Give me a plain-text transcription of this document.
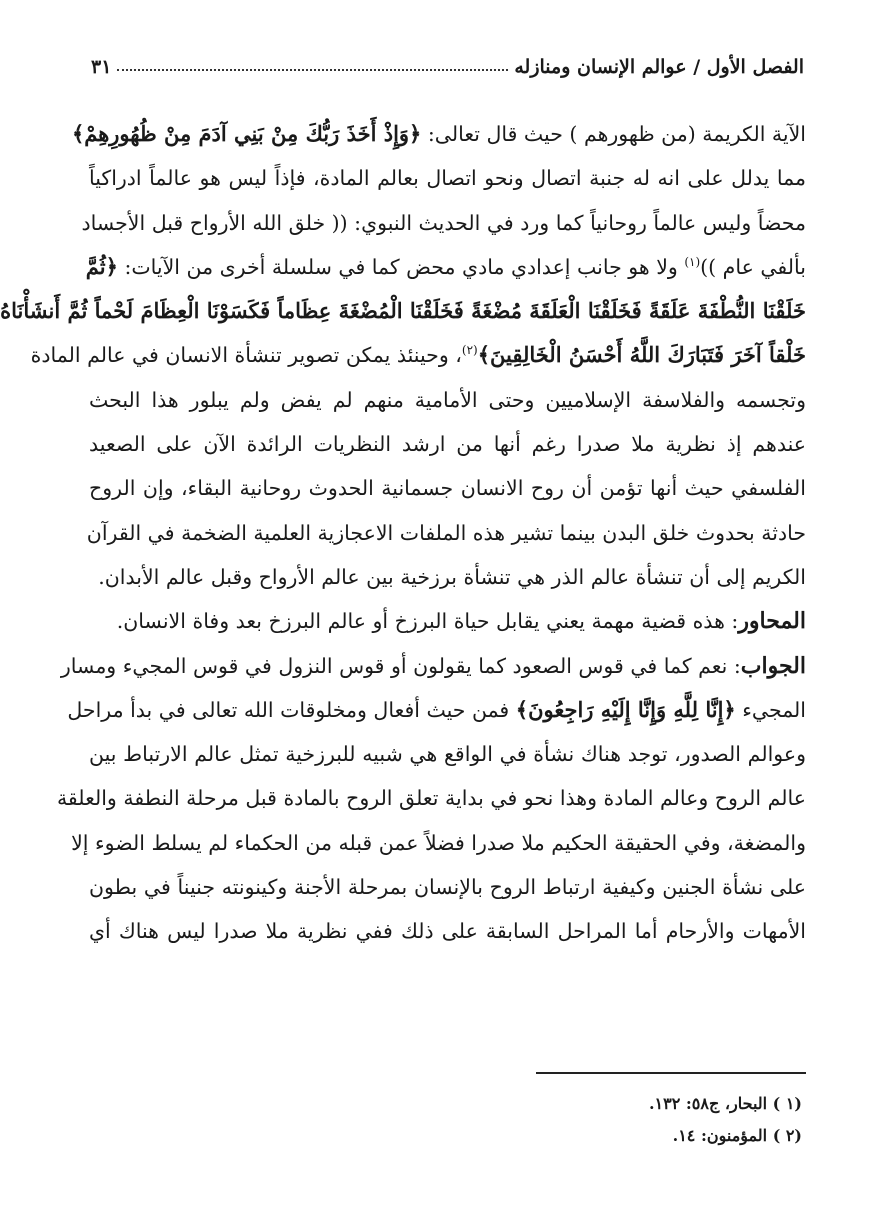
الفصل الأول / عوالم الإنسان ومنازله
٣١
الآية الكريمة (من ظهورهم ) حيث قال تعالى: ﴿وَإِذْ أَخَذَ رَبُّكَ مِنْ بَنِي آدَمَ مِنْ ظُهُورِهِمْ﴾
مما يدلل على انه له جنبة اتصال ونحو اتصال بعالم المادة، فإذاً ليس هو عالماً ادراكياً
محضاً وليس عالماً روحانياً كما ورد في الحديث النبوي: (( خلق الله الأرواح قبل الأجساد
بألفي عام ))$^{(١)}$ ولا هو جانب إعدادي مادي محض كما في سلسلة أخرى من الآيات: ﴿ثُمَّ
خَلَقْنَا النُّطْفَةَ عَلَقَةً فَخَلَقْنَا الْعَلَقَةَ مُضْغَةً فَخَلَقْنَا الْمُضْغَةَ عِظَاماً فَكَسَوْنَا الْعِظَامَ لَحْماً ثُمَّ أَنشَأْنَاهُ
خَلْقاً آخَرَ فَتَبَارَكَ اللَّهُ أَحْسَنُ الْخَالِقِينَ﴾$^{(٢)}$، وحينئذ يمكن تصوير تنشأة الانسان في عالم المادة
وتجسمه والفلاسفة الإسلاميين وحتى الأمامية منهم لم يفض ولم يبلور هذا البحث
عندهم إذ نظرية ملا صدرا رغم أنها من ارشد النظريات الرائدة الآن على الصعيد
الفلسفي حيث أنها تؤمن أن روح الانسان جسمانية الحدوث روحانية البقاء، وإن الروح
حادثة بحدوث خلق البدن بينما تشير هذه الملفات الاعجازية العلمية الضخمة في القرآن
الكريم إلى أن تنشأة عالم الذر هي تنشأة برزخية بين عالم الأرواح وقبل عالم الأبدان.
المحاور: هذه قضية مهمة يعني يقابل حياة البرزخ أو عالم البرزخ بعد وفاة الانسان.
الجواب: نعم كما في قوس الصعود كما يقولون أو قوس النزول في قوس المجيء ومسار
المجيء ﴿إِنَّا لِلَّهِ وَإِنَّا إِلَيْهِ رَاجِعُونَ﴾ فمن حيث أفعال ومخلوقات الله تعالى في بدأ مراحل
وعوالم الصدور، توجد هناك نشأة في الواقع هي شبيه للبرزخية تمثل عالم الارتباط بين
عالم الروح وعالم المادة وهذا نحو في بداية تعلق الروح بالمادة قبل مرحلة النطفة والعلقة
والمضغة، وفي الحقيقة الحكيم ملا صدرا فضلاً عمن قبله من الحكماء لم يسلط الضوء إلا
على نشأة الجنين وكيفية ارتباط الروح بالإنسان بمرحلة الأجنة وكينونته جنيناً في بطون
الأمهات والأرحام أما المراحل السابقة على ذلك ففي نظرية ملا صدرا ليس هناك أي
(١ ) البحار، ج٥٨: ١٣٢.
(٢ ) المؤمنون: ١٤.
